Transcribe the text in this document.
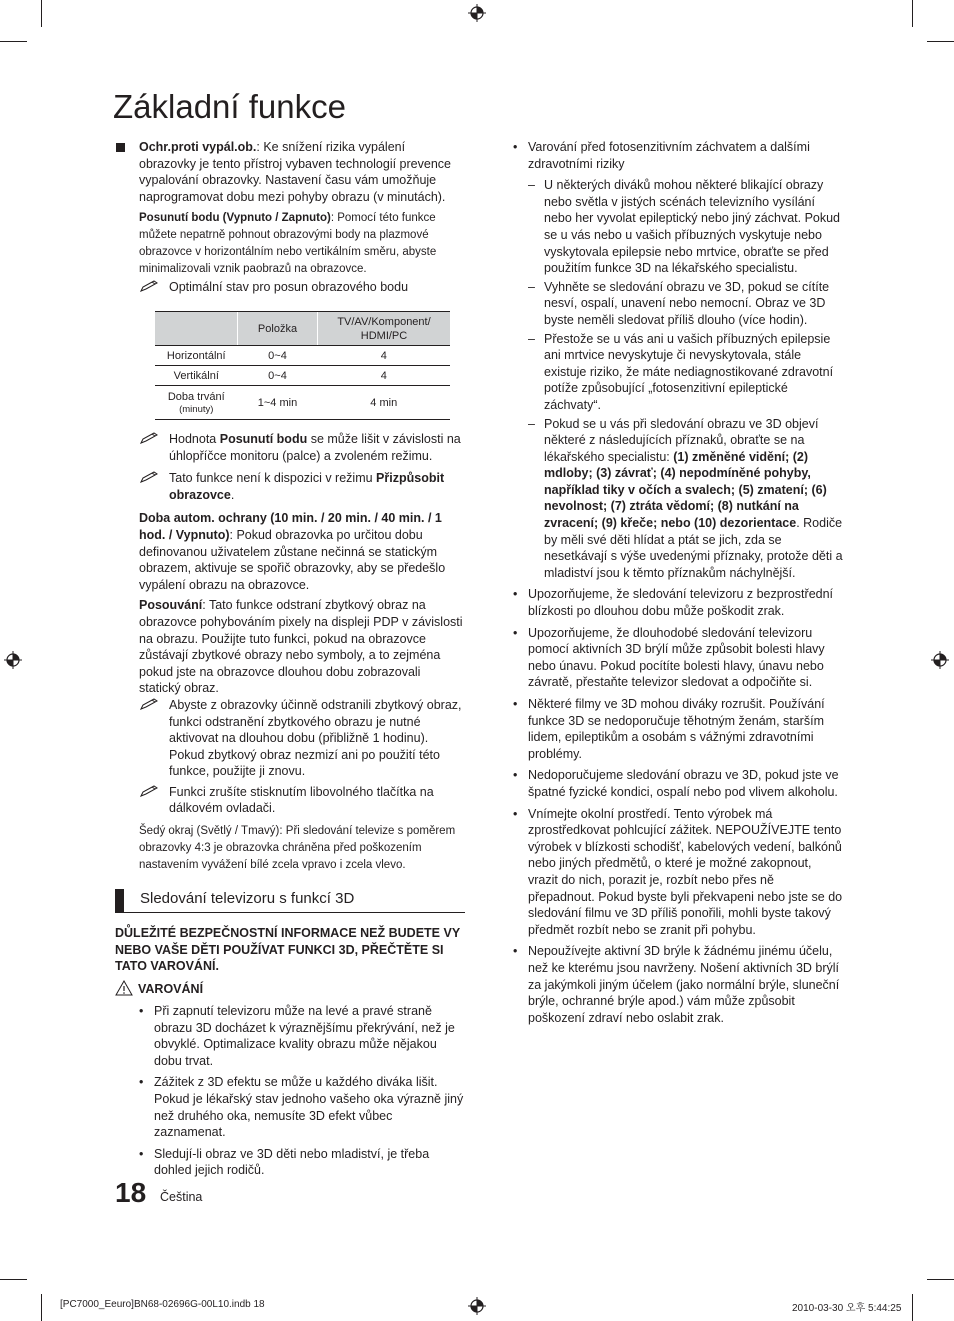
Základní funkce

Ochr.proti vypál.ob.: Ke snížení rizika vypálení obrazovky je tento přístroj vybaven technologií prevence vypalování obrazovky. Nastavení času vám umožňuje naprogramovat dobu mezi pohyby obrazu (v minutách).

Posunutí bodu (Vypnuto / Zapnuto): Pomocí této funkce můžete nepatrně pohnout obrazovými body na plazmové obrazovce v horizontálním nebo vertikálním směru, abyste minimalizovali vznik paobrazů na obrazovce.

Optimální stav pro posun obrazového bodu
	Položka	TV/AV/Komponent/ HDMI/PC
Horizontální	0~4	4
Vertikální	0~4	4

Doba trvání
(minuty)	1~4 min	4 min
Hodnota Posunutí bodu se může lišit v závislosti na úhlopříčce monitoru (palce) a zvoleném režimu.
Tato funkce není k dispozici v režimu Přizpůsobit obrazovce.

Doba autom. ochrany (10 min. / 20 min. / 40 min. / 1 hod. / Vypnuto): Pokud obrazovka po určitou dobu definovanou uživatelem zůstane nečinná se statickým obrazem, aktivuje se spořič obrazovky, aby se předešlo vypálení obrazu na obrazovce.

Posouvání: Tato funkce odstraní zbytkový obraz na obrazovce pohybováním pixely na displeji PDP v závislosti na obrazu. Použijte tuto funkci, pokud na obrazovce zůstávají zbytkové obrazy nebo symboly, a to zejména pokud jste na obrazovce dlouhou dobu zobrazovali statický obraz.

Abyste z obrazovky účinně odstranili zbytkový obraz, funkci odstranění zbytkového obrazu je nutné aktivovat na dlouhou dobu (přibližně 1 hodinu). Pokud zbytkový obraz nezmizí ani po použití této funkce, použijte ji znovu.
Funkci zrušíte stisknutím libovolného tlačítka na dálkovém ovladači.

Šedý okraj (Světlý / Tmavý): Při sledování televize s poměrem obrazovky 4:3 je obrazovka chráněna před poškozením nastavením vyvážení bílé zcela vpravo i zcela vlevo.

Sledování televizoru s funkcí 3D
DŮLEŽITÉ BEZPEČNOSTNÍ INFORMACE NEŽ BUDETE VY NEBO VAŠE DĚTI POUŽÍVAT FUNKCI 3D, PŘEČTĚTE SI TATO VAROVÁNÍ.
VAROVÁNÍ
• Při zapnutí televizoru může na levé a pravé straně obrazu 3D docházet k výraznějšímu překrývání, než je obvyklé. Optimalizace kvality obrazu může nějakou dobu trvat.
• Zážitek z 3D efektu se může u každého diváka lišit. Pokud je lékařský stav jednoho vašeho oka výrazně jiný než druhého oka, nemusíte 3D efekt vůbec zaznamenat.
• Sledují-li obraz ve 3D děti nebo mladiství, je třeba dohled jejich rodičů.
• Varování před fotosenzitivním záchvatem a dalšími zdravotními riziky
– U některých diváků mohou některé blikající obrazy nebo světla v jistých scénách televizního vysílání nebo her vyvolat epileptický nebo jiný záchvat. Pokud se u vás nebo u vašich příbuzných vyskytuje nebo vyskytovala epilepsie nebo mrtvice, obraťte se před použitím funkce 3D na lékařského specialistu.
– Vyhněte se sledování obrazu ve 3D, pokud se cítíte nesví, ospalí, unavení nebo nemocní. Obraz ve 3D byste neměli sledovat příliš dlouho (více hodin).
– Přestože se u vás ani u vašich příbuzných epilepsie ani mrtvice nevyskytuje či nevyskytovala, stále existuje riziko, že máte nediagnostikované zdravotní potíže způsobující „fotosenzitivní epileptické záchvaty“.
– Pokud se u vás při sledování obrazu ve 3D objeví některé z následujících příznaků, obraťte se na lékařského specialistu: (1) změněné vidění; (2) mdloby; (3) závrať; (4) nepodmíněné pohyby, například tiky v očích a svalech; (5) zmatení; (6) nevolnost; (7) ztráta vědomí; (8) nutkání na zvracení; (9) křeče; nebo (10) dezorientace. Rodiče by měli své děti hlídat a ptát se jich, zda se nesetkávají s výše uvedenými příznaky, protože děti a mladiství jsou k těmto příznakům náchylnější.
• Upozorňujeme, že sledování televizoru z bezprostřední blízkosti po dlouhou dobu může poškodit zrak.
• Upozorňujeme, že dlouhodobé sledování televizoru pomocí aktivních 3D brýlí může způsobit bolesti hlavy nebo únavu. Pokud pocítíte bolesti hlavy, únavu nebo závratě, přestaňte televizor sledovat a odpočiňte si.
• Některé filmy ve 3D mohou diváky rozrušit. Používání funkce 3D se nedoporučuje těhotným ženám, starším lidem, epileptikům a osobám s vážnými zdravotními problémy.
• Nedoporučujeme sledování obrazu ve 3D, pokud jste ve špatné fyzické kondici, ospalí nebo pod vlivem alkoholu.
• Vnímejte okolní prostředí. Tento výrobek má zprostředkovat pohlcující zážitek. NEPOUŽÍVEJTE tento výrobek v blízkosti schodišť, kabelových vedení, balkónů nebo jiných předmětů, o které je možné zakopnout, vrazit do nich, porazit je, rozbít nebo přes ně přepadnout. Pokud byste byli překvapeni nebo jste se do sledování filmu ve 3D příliš ponořili, mohli byste takový předmět rozbít nebo se zranit při pohybu.
• Nepoužívejte aktivní 3D brýle k žádnému jinému účelu, než ke kterému jsou navrženy. Nošení aktivních 3D brýlí za jakýmkoli jiným účelem (jako normální brýle, sluneční brýle, ochranné brýle apod.) vám může způsobit poškození zdraví nebo oslabit zrak.
18 Čeština
[PC7000_Eeuro]BN68-02696G-00L10.indb 18	2010-03-30 오후 5:44:25
